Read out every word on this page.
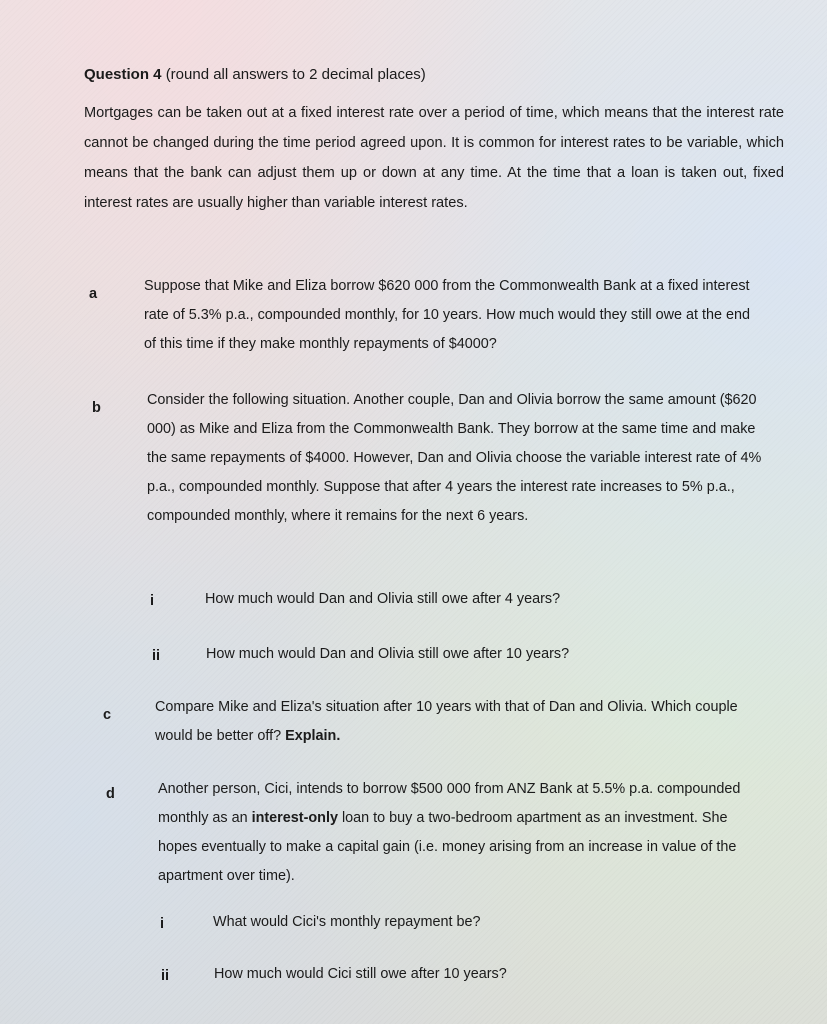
Question 4 (round all answers to 2 decimal places)
Mortgages can be taken out at a fixed interest rate over a period of time, which means that the interest rate cannot be changed during the time period agreed upon. It is common for interest rates to be variable, which means that the bank can adjust them up or down at any time. At the time that a loan is taken out, fixed interest rates are usually higher than variable interest rates.
a	Suppose that Mike and Eliza borrow $620 000 from the Commonwealth Bank at a fixed interest rate of 5.3% p.a., compounded monthly, for 10 years. How much would they still owe at the end of this time if they make monthly repayments of $4000?
b	Consider the following situation. Another couple, Dan and Olivia borrow the same amount ($620 000) as Mike and Eliza from the Commonwealth Bank. They borrow at the same time and make the same repayments of $4000. However, Dan and Olivia choose the variable interest rate of 4% p.a., compounded monthly. Suppose that after 4 years the interest rate increases to 5% p.a., compounded monthly, where it remains for the next 6 years.
i	How much would Dan and Olivia still owe after 4 years?
ii	How much would Dan and Olivia still owe after 10 years?
c	Compare Mike and Eliza's situation after 10 years with that of Dan and Olivia. Which couple would be better off? Explain.
d	Another person, Cici, intends to borrow $500 000 from ANZ Bank at 5.5% p.a. compounded monthly as an interest-only loan to buy a two-bedroom apartment as an investment. She hopes eventually to make a capital gain (i.e. money arising from an increase in value of the apartment over time).
i	What would Cici's monthly repayment be?
ii	How much would Cici still owe after 10 years?
